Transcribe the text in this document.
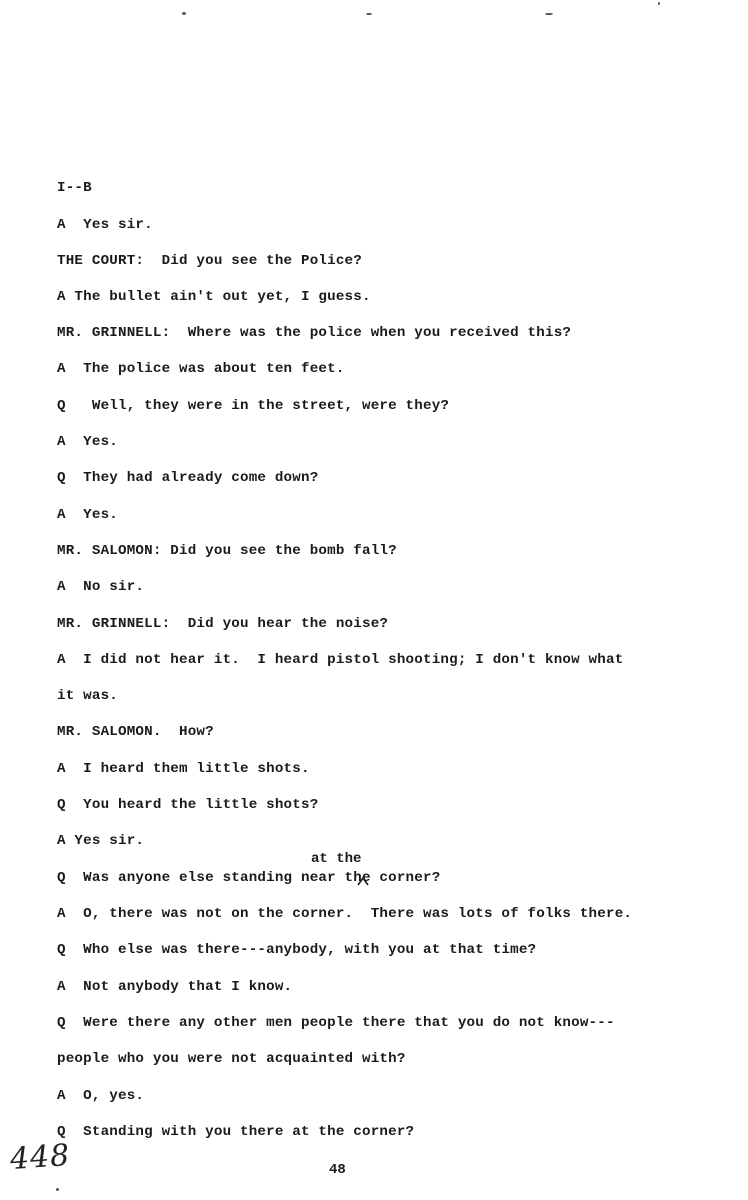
I--B
A  Yes sir.
THE COURT:  Did you see the Police?
A The bullet ain't out yet, I guess.
MR. GRINNELL:  Where was the police when you received this?
A  The police was about ten feet.
Q   Well, they were in the street, were they?
A  Yes.
Q  They had already come down?
A  Yes.
MR. SALOMON: Did you see the bomb fall?
A  No sir.
MR. GRINNELL:  Did you hear the noise?
A  I did not hear it.  I heard pistol shooting; I don't know what
it was.
MR. SALOMON.  How?
A  I heard them little shots.
Q  You heard the little shots?
A Yes sir.
at the
Q  Was anyone else standing near the corner?
A  O, there was not on the corner.  There was lots of folks there.
Q  Who else was there---anybody, with you at that time?
A  Not anybody that I know.
Q  Were there any other men people there that you do not know---
people who you were not acquainted with?
A  O, yes.
Q  Standing with you there at the corner?
448	48
